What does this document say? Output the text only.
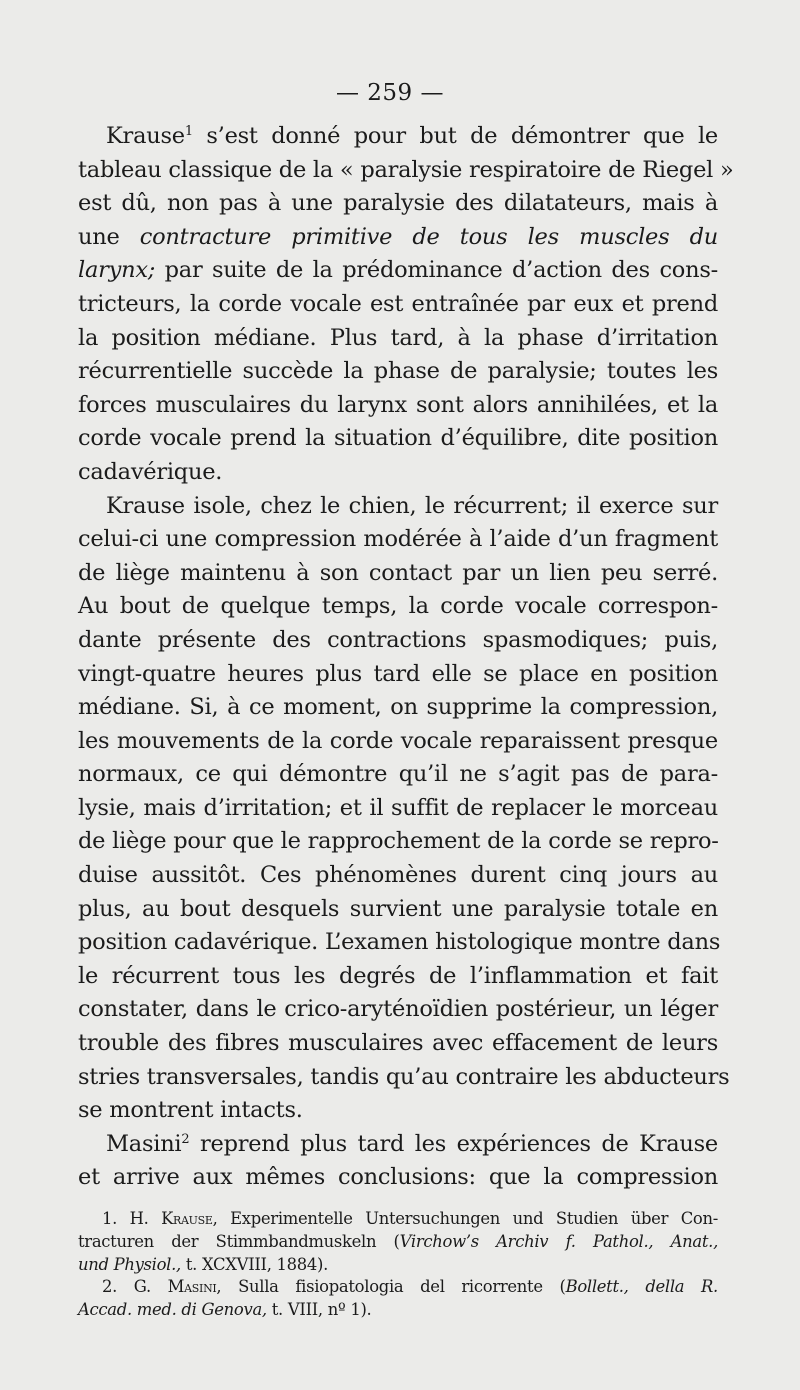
— 259 —
Krause$^1$ s’est donné pour but de démontrer que le
tableau classique de la « paralysie respiratoire de Riegel »
est dû, non pas à une paralysie des dilatateurs, mais à
une contracture primitive de tous les muscles du
larynx; par suite de la prédominance d’action des cons-
tricteurs, la corde vocale est entraînée par eux et prend
la position médiane. Plus tard, à la phase d’irritation
récurrentielle succède la phase de paralysie; toutes les
forces musculaires du larynx sont alors annihilées, et la
corde vocale prend la situation d’équilibre, dite position
cadavérique.
Krause isole, chez le chien, le récurrent; il exerce sur
celui-ci une compression modérée à l’aide d’un fragment
de liège maintenu à son contact par un lien peu serré.
Au bout de quelque temps, la corde vocale correspon-
dante présente des contractions spasmodiques; puis,
vingt-quatre heures plus tard elle se place en position
médiane. Si, à ce moment, on supprime la compression,
les mouvements de la corde vocale reparaissent presque
normaux, ce qui démontre qu’il ne s’agit pas de para-
lysie, mais d’irritation; et il suffit de replacer le morceau
de liège pour que le rapprochement de la corde se repro-
duise aussitôt. Ces phénomènes durent cinq jours au
plus, au bout desquels survient une paralysie totale en
position cadavérique. L’examen histologique montre dans
le récurrent tous les degrés de l’inflammation et fait
constater, dans le crico-aryténoïdien postérieur, un léger
trouble des fibres musculaires avec effacement de leurs
stries transversales, tandis qu’au contraire les abducteurs
se montrent intacts.
Masini$^2$ reprend plus tard les expériences de Krause
et arrive aux mêmes conclusions: que la compression
1. H. Krause, Experimentelle Untersuchungen und Studien über Con-
tracturen der Stimmbandmuskeln (Virchow’s Archiv f. Pathol., Anat.,
und Physiol., t. XCXVIII, 1884).
2. G. Masini, Sulla fisiopatologia del ricorrente (Bollett., della R.
Accad. med. di Genova, t. VIII, nº 1).
